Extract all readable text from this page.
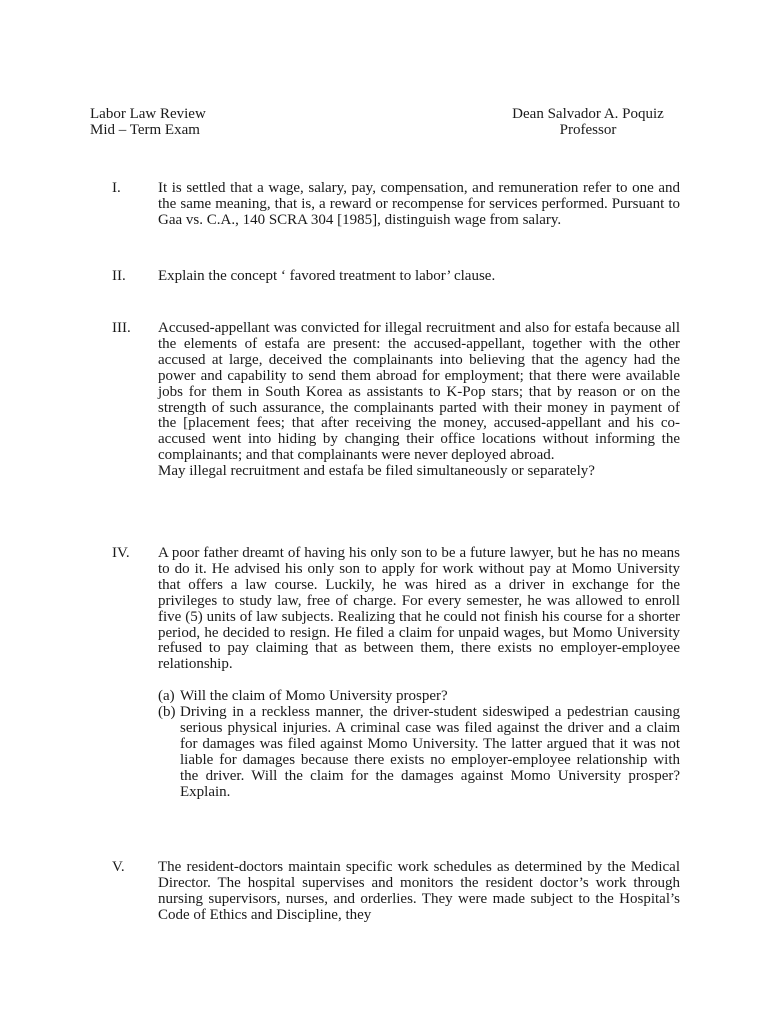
Labor Law Review
Mid – Term Exam
Dean Salvador A. Poquiz
Professor
I. It is settled that a wage, salary, pay, compensation, and remuneration refer to one and the same meaning, that is, a reward or recompense for services performed. Pursuant to Gaa vs. C.A., 140 SCRA 304 [1985], distinguish wage from salary.

II. Explain the concept ‘ favored treatment to labor’ clause.

III. Accused-appellant was convicted for illegal recruitment and also for estafa because all the elements of estafa are present: the accused-appellant, together with the other accused at large, deceived the complainants into believing that the agency had the power and capability to send them abroad for employment; that there were available jobs for them in South Korea as assistants to K-Pop stars; that by reason or on the strength of such assurance, the complainants parted with their money in payment of the [placement fees; that after receiving the money, accused-appellant and his co-accused went into hiding by changing their office locations without informing the complainants; and that complainants were never deployed abroad.

May illegal recruitment and estafa be filed simultaneously or separately?

IV. A poor father dreamt of having his only son to be a future lawyer, but he has no means to do it. He advised his only son to apply for work without pay at Momo University that offers a law course. Luckily, he was hired as a driver in exchange for the privileges to study law, free of charge. For every semester, he was allowed to enroll five (5) units of law subjects. Realizing that he could not finish his course for a shorter period, he decided to resign. He filed a claim for unpaid wages, but Momo University refused to pay claiming that as between them, there exists no employer-employee relationship.

(a) Will the claim of Momo University prosper?

(b) Driving in a reckless manner, the driver-student sideswiped a pedestrian causing serious physical injuries. A criminal case was filed against the driver and a claim for damages was filed against Momo University. The latter argued that it was not liable for damages because there exists no employer-employee relationship with the driver. Will the claim for the damages against Momo University prosper? Explain.

V. The resident-doctors maintain specific work schedules as determined by the Medical Director. The hospital supervises and monitors the resident doctor’s work through nursing supervisors, nurses, and orderlies. They were made subject to the Hospital’s Code of Ethics and Discipline, they
